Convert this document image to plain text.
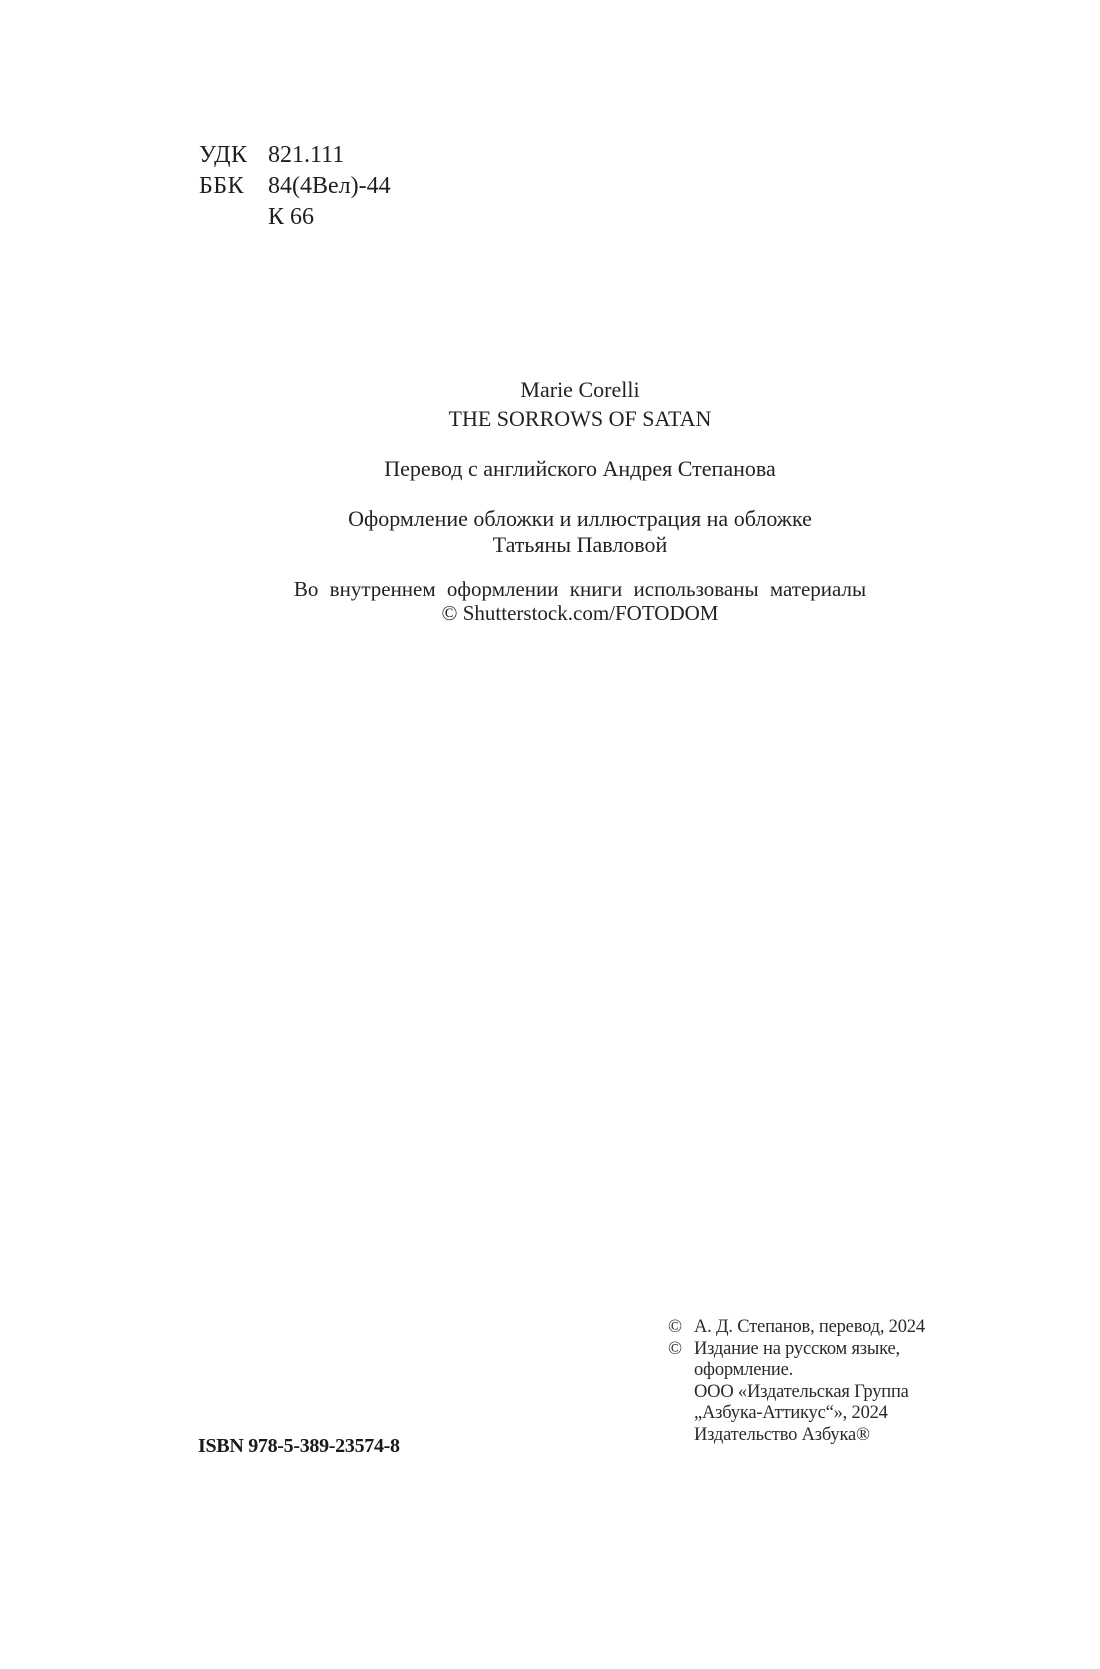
УДК 821.111
ББК 84(4Вел)-44
К 66
Marie Corelli
THE SORROWS OF SATAN
Перевод с английского Андрея Степанова
Оформление обложки и иллюстрация на обложке
Татьяны Павловой
Во внутреннем оформлении книги использованы материалы
© Shutterstock.com/FOTODOM
ISBN 978-5-389-23574-8
© А. Д. Степанов, перевод, 2024
© Издание на русском языке,
оформление.
ООО «Издательская Группа
„Азбука-Аттикус“», 2024
Издательство Азбука®
